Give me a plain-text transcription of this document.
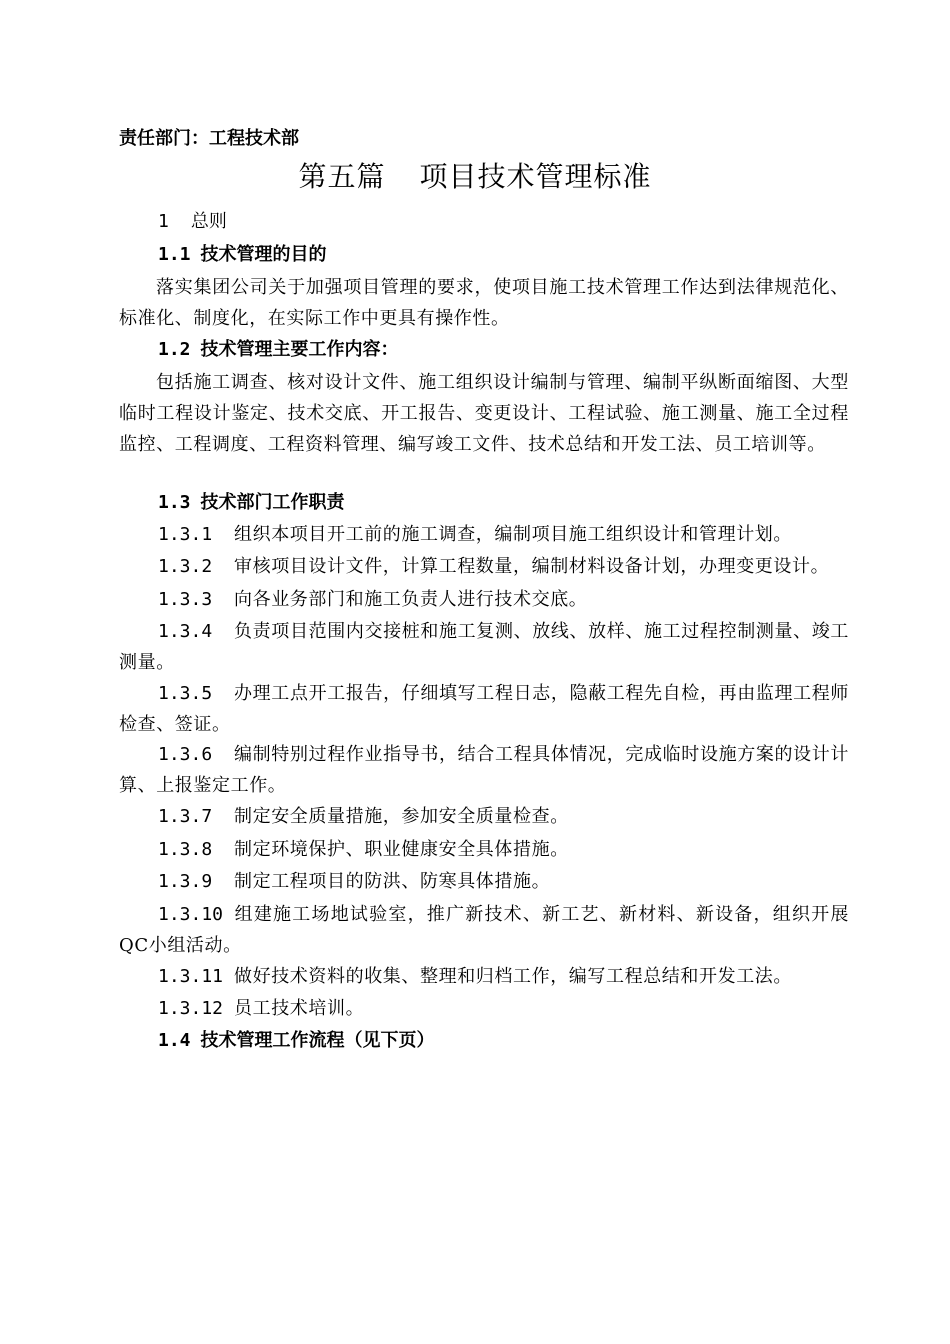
责任部门：工程技术部
第五篇 项目技术管理标准
1 总则
1.1 技术管理的目的
落实集团公司关于加强项目管理的要求，使项目施工技术管理工作达到法律规范化、标准化、制度化，在实际工作中更具有操作性。
1.2 技术管理主要工作内容：
包括施工调查、核对设计文件、施工组织设计编制与管理、编制平纵断面缩图、大型临时工程设计鉴定、技术交底、开工报告、变更设计、工程试验、施工测量、施工全过程监控、工程调度、工程资料管理、编写竣工文件、技术总结和开发工法、员工培训等。
1.3 技术部门工作职责
1.3.1 组织本项目开工前的施工调查，编制项目施工组织设计和管理计划。
1.3.2 审核项目设计文件，计算工程数量，编制材料设备计划，办理变更设计。
1.3.3 向各业务部门和施工负责人进行技术交底。
1.3.4 负责项目范围内交接桩和施工复测、放线、放样、施工过程控制测量、竣工测量。
1.3.5 办理工点开工报告，仔细填写工程日志，隐蔽工程先自检，再由监理工程师检查、签证。
1.3.6 编制特别过程作业指导书，结合工程具体情况，完成临时设施方案的设计计算、上报鉴定工作。
1.3.7 制定安全质量措施，参加安全质量检查。
1.3.8 制定环境保护、职业健康安全具体措施。
1.3.9 制定工程项目的防洪、防寒具体措施。
1.3.10 组建施工场地试验室，推广新技术、新工艺、新材料、新设备，组织开展QC小组活动。
1.3.11 做好技术资料的收集、整理和归档工作，编写工程总结和开发工法。
1.3.12 员工技术培训。
1.4 技术管理工作流程（见下页）
